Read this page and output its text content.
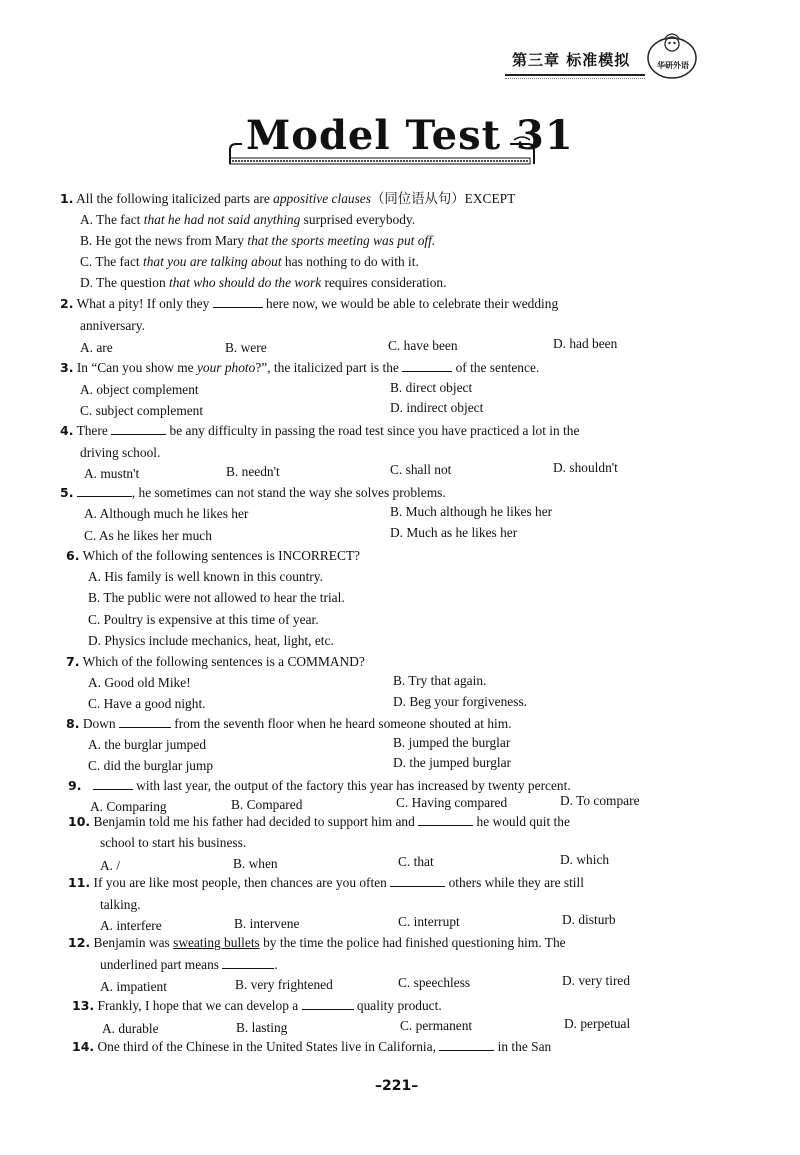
第三章 标准模拟	华研外语
Model Test 31
1. All the following italicized parts are appositive clauses（同位语从句）EXCEPT
A. The fact that he had not said anything surprised everybody.
B. He got the news from Mary that the sports meeting was put off.
C. The fact that you are talking about has nothing to do with it.
D. The question that who should do the work requires consideration.
2. What a pity! If only they	here now, we would be able to celebrate their wedding
anniversary.
A. are	B. were	C. have been	D. had been
3. In “Can you show me your photo?”, the italicized part is the	of the sentence.
A. object complement	B. direct object
C. subject complement	D. indirect object
4. There	be any difficulty in passing the road test since you have practiced a lot in the
driving school.
A. mustn't	B. needn't	C. shall not	D. shouldn't
5.	, he sometimes can not stand the way she solves problems.
A. Although much he likes her	B. Much although he likes her
C. As he likes her much	D. Much as he likes her
6. Which of the following sentences is INCORRECT?
A. His family is well known in this country.
B. The public were not allowed to hear the trial.
C. Poultry is expensive at this time of year.
D. Physics include mechanics, heat, light, etc.
7. Which of the following sentences is a COMMAND?
A. Good old Mike!	B. Try that again.
C. Have a good night.	D. Beg your forgiveness.
8. Down	from the seventh floor when he heard someone shouted at him.
A. the burglar jumped	B. jumped the burglar
C. did the burglar jump	D. the jumped burglar
9.	with last year, the output of the factory this year has increased by twenty percent.
A. Comparing	B. Compared	C. Having compared	D. To compare
10. Benjamin told me his father had decided to support him and	he would quit the
school to start his business.
A. /	B. when	C. that	D. which
11. If you are like most people, then chances are you often	others while they are still
talking.
A. interfere	B. intervene	C. interrupt	D. disturb
12. Benjamin was sweating bullets by the time the police had finished questioning him. The
underlined part means	.
A. impatient	B. very frightened	C. speechless	D. very tired
13. Frankly, I hope that we can develop a	quality product.
A. durable	B. lasting	C. permanent	D. perpetual
14. One third of the Chinese in the United States live in California,	in the San
–221–
